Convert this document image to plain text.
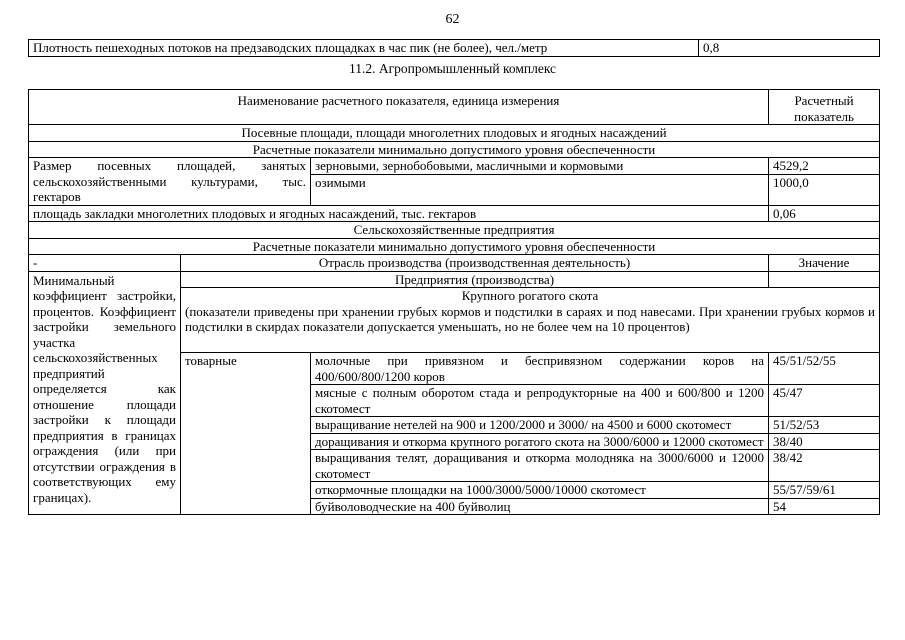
62
Плотность пешеходных потоков на предзаводских площадках в час пик (не более), чел./метр	0,8
11.2. Агропромышленный комплекс
Наименование расчетного показателя, единица измерения			Расчетный показатель
Посевные площади, площади многолетних плодовых и ягодных насаждений			
Расчетные показатели минимально допустимого уровня обеспеченности			
Размер посевных площадей, занятых сельскохозяйственными культурами, тыс. гектаров		зерновыми, зернобобовыми, масличными и кормовыми	4529,2
		озимыми	1000,0
площадь закладки многолетних плодовых и ягодных насаждений, тыс. гектаров			0,06
Сельскохозяйственные предприятия			
Расчетные показатели минимально допустимого уровня обеспеченности			
-	Отрасль производства (производственная деятельность)		Значение
Минимальный коэффициент застройки, процентов. Коэффициент застройки земельного участка сельскохозяйственных предприятий определяется как отношение площади застройки к площади предприятия в границах ограждения (или при отсутствии ограждения в соответствующих ему границах).	Предприятия (производства)		

	Крупного рогатого скота
(показатели приведены при хранении грубых кормов и подстилки в сараях и под навесами. При хранении грубых кормов и подстилки в скирдах показатели допускается уменьшать, но не более чем на 10 процентов)		

	товарные	молочные при привязном и беспривязном содержании коров на 400/600/800/1200 коров	45/51/52/55
		мясные с полным оборотом стада и репродукторные на 400 и 600/800 и 1200 скотомест	45/47
		выращивание нетелей на 900 и 1200/2000 и 3000/ на 4500 и 6000 скотомест	51/52/53
		доращивания и откорма крупного рогатого скота на 3000/6000 и 12000 скотомест	38/40
		выращивания телят, доращивания и откорма молодняка на 3000/6000 и 12000 скотомест	38/42
		откормочные площадки на 1000/3000/5000/10000 скотомест	55/57/59/61
		буйволоводческие на 400 буйволиц	54
